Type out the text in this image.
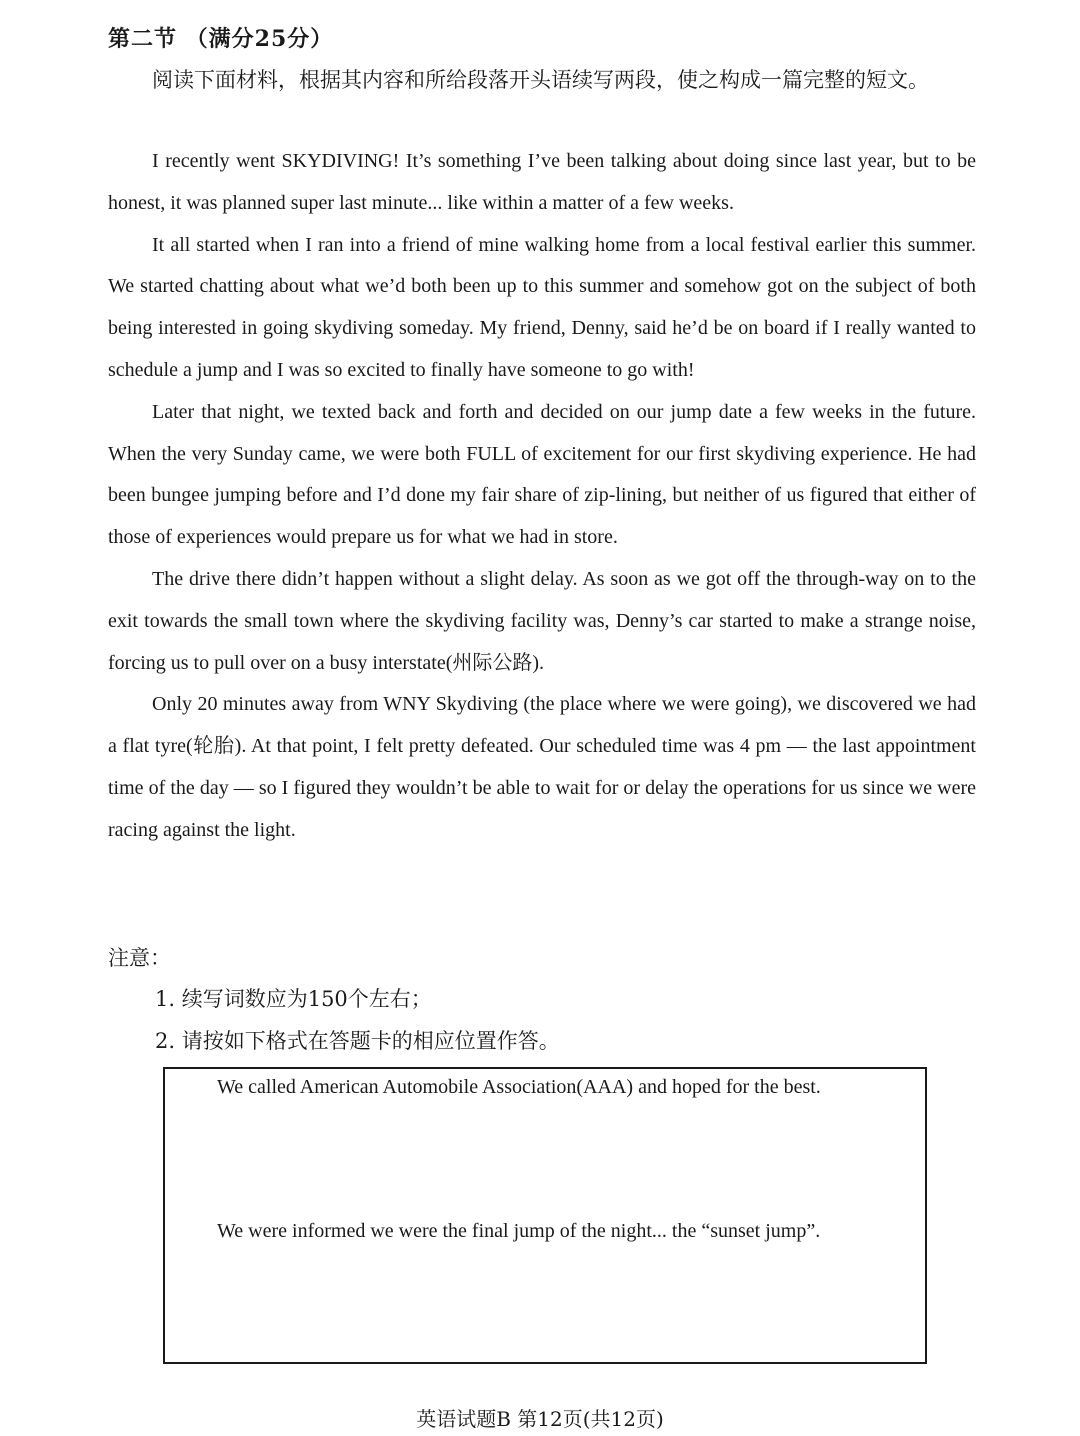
第二节 （满分25分）
阅读下面材料，根据其内容和所给段落开头语续写两段，使之构成一篇完整的短文。

I recently went SKYDIVING! It’s something I’ve been talking about doing since last year, but to be honest, it was planned super last minute... like within a matter of a few weeks.

It all started when I ran into a friend of mine walking home from a local festival earlier this summer. We started chatting about what we’d both been up to this summer and somehow got on the subject of both being interested in going skydiving someday. My friend, Denny, said he’d be on board if I really wanted to schedule a jump and I was so excited to finally have someone to go with!

Later that night, we texted back and forth and decided on our jump date a few weeks in the future. When the very Sunday came, we were both FULL of excitement for our first skydiving experience. He had been bungee jumping before and I’d done my fair share of zip-lining, but neither of us figured that either of those of experiences would prepare us for what we had in store.

The drive there didn’t happen without a slight delay. As soon as we got off the through-way on to the exit towards the small town where the skydiving facility was, Denny’s car started to make a strange noise, forcing us to pull over on a busy interstate(州际公路).

Only 20 minutes away from WNY Skydiving (the place where we were going), we discovered we had a flat tyre(轮胎). At that point, I felt pretty defeated. Our scheduled time was 4 pm — the last appointment time of the day — so I figured they wouldn’t be able to wait for or delay the operations for us since we were racing against the light.

注意：
1. 续写词数应为150个左右；
2. 请按如下格式在答题卡的相应位置作答。
We called American Automobile Association(AAA) and hoped for the best.
We were informed we were the final jump of the night... the “sunset jump”.
英语试题B 第12页(共12页)
